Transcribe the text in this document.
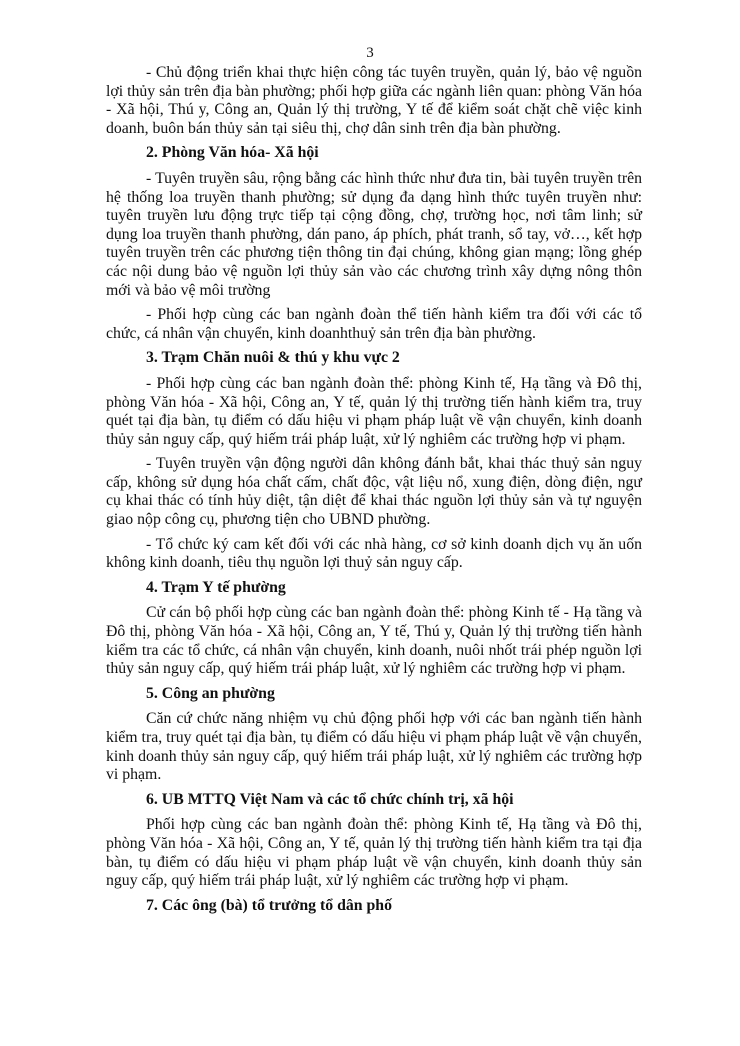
3

- Chủ động triển khai thực hiện công tác tuyên truyền, quản lý, bảo vệ nguồn lợi thủy sản trên địa bàn phường; phối hợp giữa các ngành liên quan: phòng Văn hóa - Xã hội, Thú y, Công an, Quản lý thị trường, Y tế để kiểm soát chặt chẽ việc kinh doanh, buôn bán thủy sản tại siêu thị, chợ dân sinh trên địa bàn phường.

2. Phòng Văn hóa- Xã hội

- Tuyên truyền sâu, rộng bằng các hình thức như đưa tin, bài tuyên truyền trên hệ thống loa truyền thanh phường; sử dụng đa dạng hình thức tuyên truyền như: tuyên truyền lưu động trực tiếp tại cộng đồng, chợ, trường học, nơi tâm linh; sử dụng loa truyền thanh phường, dán pano, áp phích, phát tranh, sổ tay, vở…, kết hợp tuyên truyền trên các phương tiện thông tin đại chúng, không gian mạng; lồng ghép các nội dung bảo vệ nguồn lợi thủy sản vào các chương trình xây dựng nông thôn mới và bảo vệ môi trường

- Phối hợp cùng các ban ngành đoàn thể tiến hành kiểm tra đối với các tổ chức, cá nhân vận chuyển, kinh doanhthuỷ sản trên địa bàn phường.

3. Trạm Chăn nuôi & thú y khu vực 2

- Phối hợp cùng các ban ngành đoàn thể: phòng Kinh tế, Hạ tầng và Đô thị, phòng Văn hóa - Xã hội, Công an, Y tế, quản lý thị trường tiến hành kiểm tra, truy quét tại địa bàn, tụ điểm có dấu hiệu vi phạm pháp luật về vận chuyển, kinh doanh thủy sản nguy cấp, quý hiếm trái pháp luật, xử lý nghiêm các trường hợp vi phạm.

- Tuyên truyền vận động người dân không đánh bắt, khai thác thuỷ sản nguy cấp, không sử dụng hóa chất cấm, chất độc, vật liệu nổ, xung điện, dòng điện, ngư cụ khai thác có tính hủy diệt, tận diệt để khai thác nguồn lợi thủy sản và tự nguyện giao nộp công cụ, phương tiện cho UBND phường.

- Tổ chức ký cam kết đối với các nhà hàng, cơ sở kinh doanh dịch vụ ăn uốn không kinh doanh, tiêu thụ nguồn lợi thuỷ sản nguy cấp.

4. Trạm Y tế phường

Cử cán bộ phối hợp cùng các ban ngành đoàn thể: phòng Kinh tế - Hạ tầng và Đô thị, phòng Văn hóa - Xã hội, Công an, Y tế, Thú y, Quản lý thị trường tiến hành kiểm tra các tổ chức, cá nhân vận chuyển, kinh doanh, nuôi nhốt trái phép nguồn lợi thủy sản nguy cấp, quý hiếm trái pháp luật, xử lý nghiêm các trường hợp vi phạm.

5. Công an phường

Căn cứ chức năng nhiệm vụ chủ động phối hợp với các ban ngành tiến hành kiểm tra, truy quét tại địa bàn, tụ điểm có dấu hiệu vi phạm pháp luật về vận chuyển, kinh doanh thủy sản nguy cấp, quý hiếm trái pháp luật, xử lý nghiêm các trường hợp vi phạm.

6. UB MTTQ Việt Nam và các tổ chức chính trị, xã hội

Phối hợp cùng các ban ngành đoàn thể: phòng Kinh tế, Hạ tầng và Đô thị, phòng Văn hóa - Xã hội, Công an, Y tế, quản lý thị trường tiến hành kiểm tra tại địa bàn, tụ điểm có dấu hiệu vi phạm pháp luật về vận chuyển, kinh doanh thủy sản nguy cấp, quý hiếm trái pháp luật, xử lý nghiêm các trường hợp vi phạm.

7. Các ông (bà) tổ trưởng tổ dân phố
